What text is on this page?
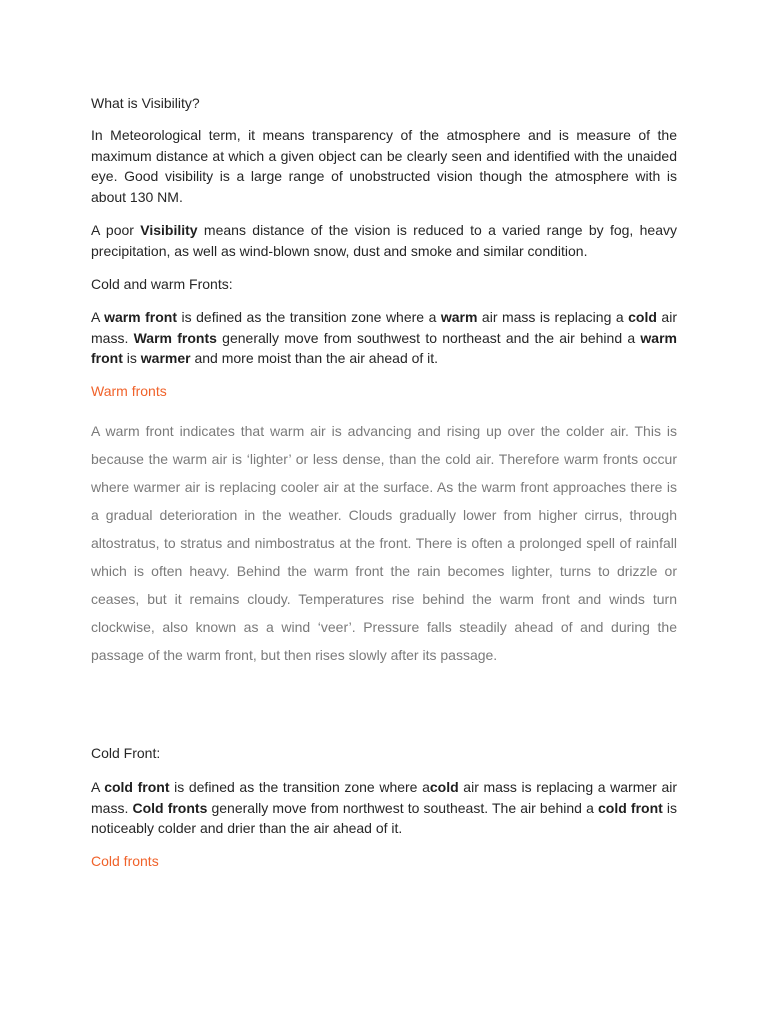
What is Visibility?

In Meteorological term, it means transparency of the atmosphere and is measure of the maximum distance at which a given object can be clearly seen and identified with the unaided eye. Good visibility is a large range of unobstructed vision though the atmosphere with is about 130 NM.

A poor Visibility means distance of the vision is reduced to a varied range by fog, heavy precipitation, as well as wind-blown snow, dust and smoke and similar condition.

Cold and warm Fronts:

A warm front is defined as the transition zone where a warm air mass is replacing a cold air mass. Warm fronts generally move from southwest to northeast and the air behind a warm front is warmer and more moist than the air ahead of it.

Warm fronts

A warm front indicates that warm air is advancing and rising up over the colder air. This is because the warm air is ‘lighter’ or less dense, than the cold air. Therefore warm fronts occur where warmer air is replacing cooler air at the surface. As the warm front approaches there is a gradual deterioration in the weather. Clouds gradually lower from higher cirrus, through altostratus, to stratus and nimbostratus at the front. There is often a prolonged spell of rainfall which is often heavy. Behind the warm front the rain becomes lighter, turns to drizzle or ceases, but it remains cloudy. Temperatures rise behind the warm front and winds turn clockwise, also known as a wind ‘veer’. Pressure falls steadily ahead of and during the passage of the warm front, but then rises slowly after its passage.

Cold Front:

A cold front is defined as the transition zone where acold air mass is replacing a warmer air mass. Cold fronts generally move from northwest to southeast. The air behind a cold front is noticeably colder and drier than the air ahead of it.

Cold fronts
